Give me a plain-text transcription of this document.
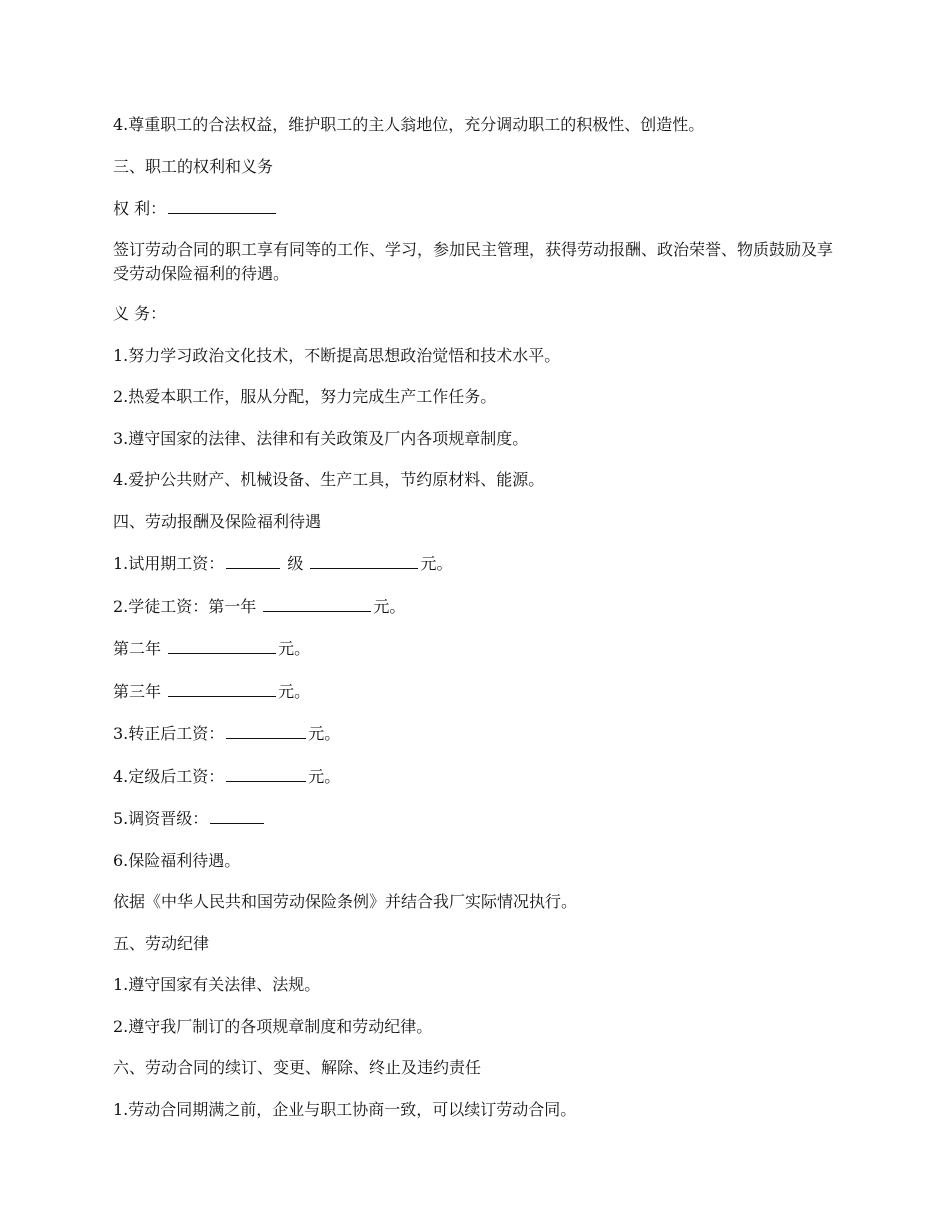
4.尊重职工的合法权益，维护职工的主人翁地位，充分调动职工的积极性、创造性。

三、职工的权利和义务

权 利：

签订劳动合同的职工享有同等的工作、学习，参加民主管理，获得劳动报酬、政治荣誉、物质鼓励及享受劳动保险福利的待遇。

义 务：

1.努力学习政治文化技术，不断提高思想政治觉悟和技术水平。

2.热爱本职工作，服从分配，努力完成生产工作任务。

3.遵守国家的法律、法律和有关政策及厂内各项规章制度。

4.爱护公共财产、机械设备、生产工具，节约原材料、能源。

四、劳动报酬及保险福利待遇

1.试用期工资：	级	元。

2.学徒工资：第一年	元。

第二年	元。

第三年	元。

3.转正后工资：	元。

4.定级后工资：	元。

5.调资晋级：

6.保险福利待遇。

依据《中华人民共和国劳动保险条例》并结合我厂实际情况执行。

五、劳动纪律

1.遵守国家有关法律、法规。

2.遵守我厂制订的各项规章制度和劳动纪律。

六、劳动合同的续订、变更、解除、终止及违约责任

1.劳动合同期满之前，企业与职工协商一致，可以续订劳动合同。
